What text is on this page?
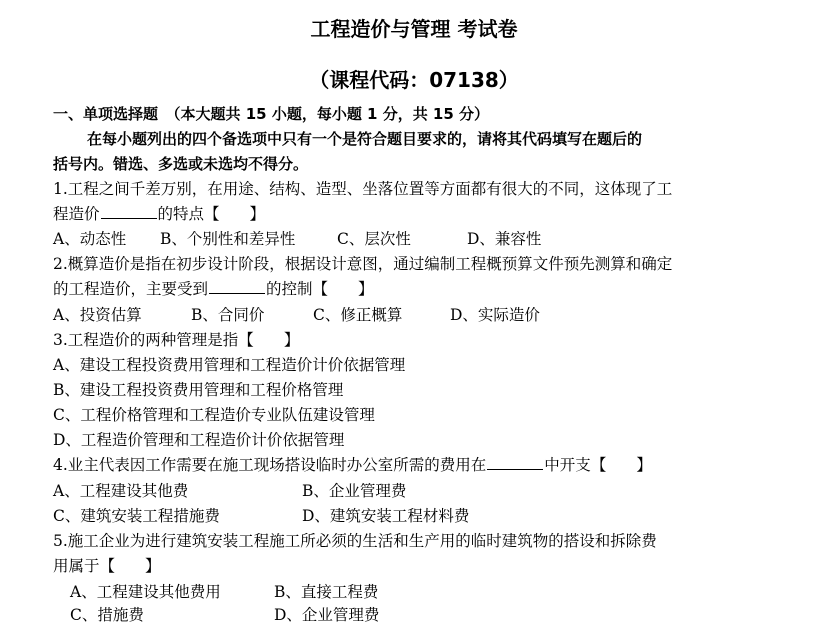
工程造价与管理 考试卷
（课程代码：07138）
一、单项选择题　（本大题共 15 小题，每小题 1 分，共 15 分）
在每小题列出的四个备选项中只有一个是符合题目要求的，请将其代码填写在题后的
括号内。错选、多选或未选均不得分。
1.工程之间千差万别，在用途、结构、造型、坐落位置等方面都有很大的不同，这体现了工
程造价	的特点【 】
A、动态性 B、个别性和差异性	C、层次性	D、兼容性
2.概算造价是指在初步设计阶段，根据设计意图，通过编制工程概预算文件预先测算和确定
的工程造价，主要受到	的控制【 】
A、投资估算	B、合同价	C、修正概算	D、实际造价
3.工程造价的两种管理是指【 】
A、建设工程投资费用管理和工程造价计价依据管理
B、建设工程投资费用管理和工程价格管理
C、工程价格管理和工程造价专业队伍建设管理
D、工程造价管理和工程造价计价依据管理
4.业主代表因工作需要在施工现场搭设临时办公室所需的费用在	中开支【 】
A、工程建设其他费	B、企业管理费
C、建筑安装工程措施费	D、建筑安装工程材料费
5.施工企业为进行建筑安装工程施工所必须的生活和生产用的临时建筑物的搭设和拆除费
用属于【 】
A、工程建设其他费用	B、直接工程费
C、措施费	D、企业管理费
